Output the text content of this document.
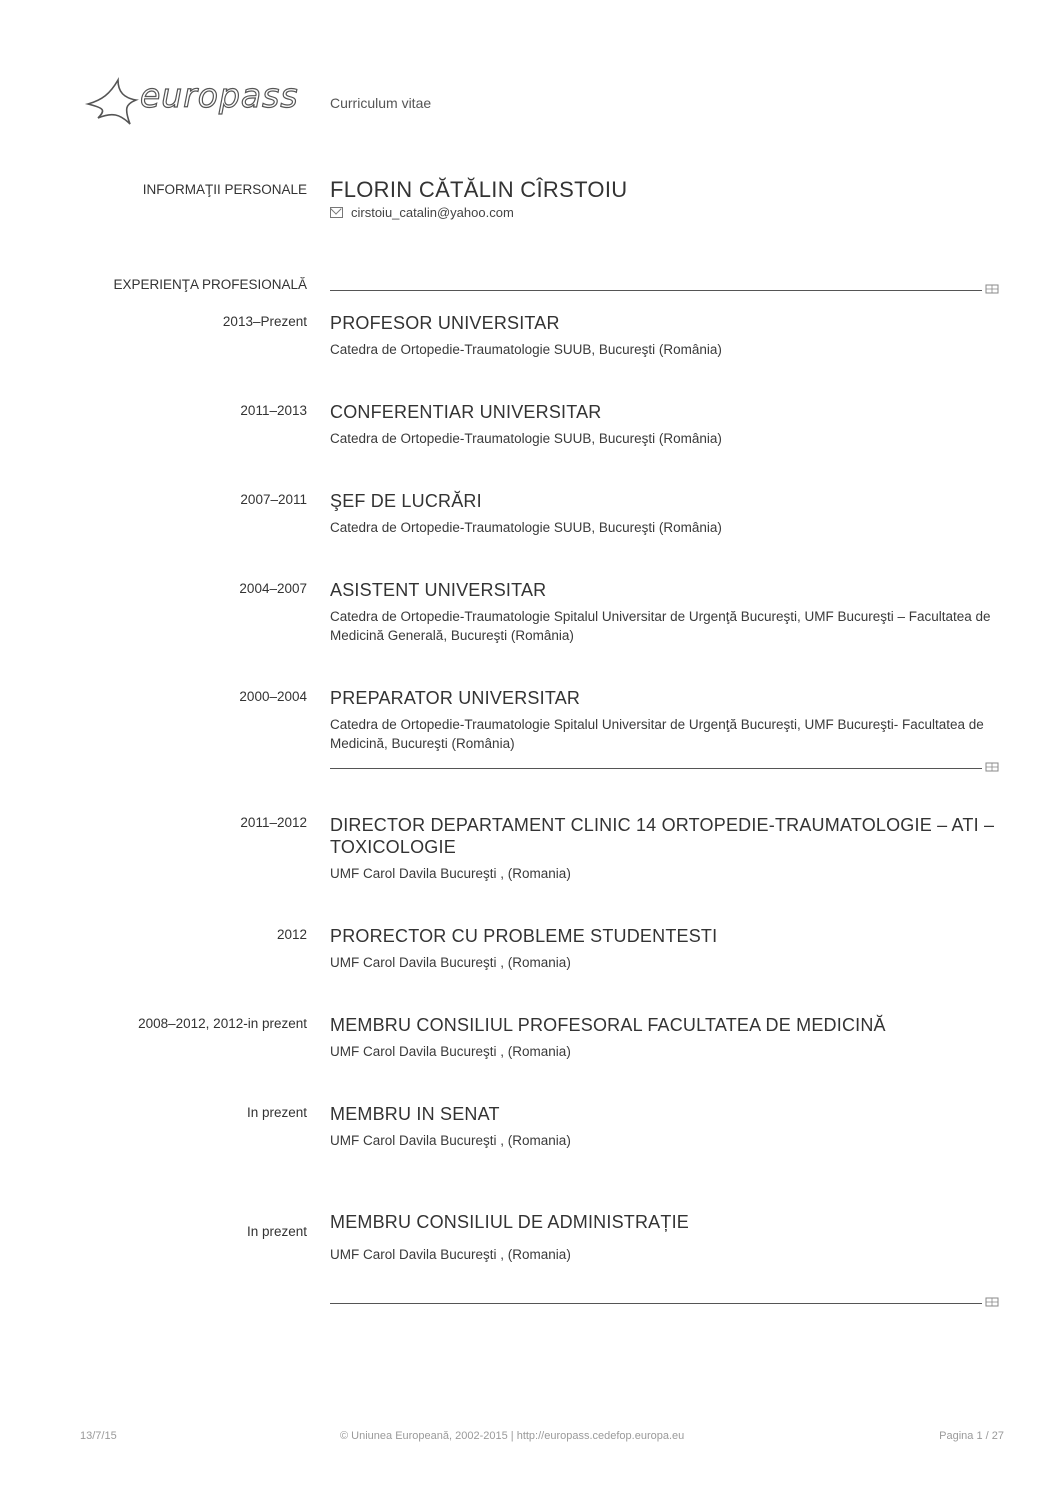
europass Curriculum vitae
INFORMAŢII PERSONALE FLORIN CĂTĂLIN CÎRSTOIU
cirstoiu_catalin@yahoo.com
EXPERIENŢA PROFESIONALĂ
2013–Prezent PROFESOR UNIVERSITAR
Catedra de Ortopedie-Traumatologie SUUB, Bucureşti (România)
2011–2013 CONFERENTIAR UNIVERSITAR
Catedra de Ortopedie-Traumatologie SUUB, Bucureşti (România)
2007–2011 ŞEF DE LUCRĂRI
Catedra de Ortopedie-Traumatologie SUUB, Bucureşti (România)
2004–2007 ASISTENT UNIVERSITAR
Catedra de Ortopedie-Traumatologie Spitalul Universitar de Urgenţă Bucureşti, UMF Bucureşti – Facultatea de Medicină Generală, Bucureşti (România)
2000–2004 PREPARATOR UNIVERSITAR
Catedra de Ortopedie-Traumatologie Spitalul Universitar de Urgenţă Bucureşti, UMF Bucureşti- Facultatea de Medicină, Bucureşti (România)
2011–2012 DIRECTOR DEPARTAMENT CLINIC 14 ORTOPEDIE-TRAUMATOLOGIE – ATI – TOXICOLOGIE
UMF Carol Davila Bucureşti , (Romania)
2012 PRORECTOR CU PROBLEME STUDENTESTI
UMF Carol Davila Bucureşti , (Romania)
2008–2012, 2012-in prezent MEMBRU CONSILIUL PROFESORAL FACULTATEA DE MEDICINĂ
UMF Carol Davila Bucureşti , (Romania)
In prezent MEMBRU IN SENAT
UMF Carol Davila Bucureşti , (Romania)
In prezent MEMBRU CONSILIUL DE ADMINISTRAȚIE
UMF Carol Davila Bucureşti , (Romania)
13/7/15	© Uniunea Europeană, 2002-2015 | http://europass.cedefop.europa.eu	Pagina 1 / 27
